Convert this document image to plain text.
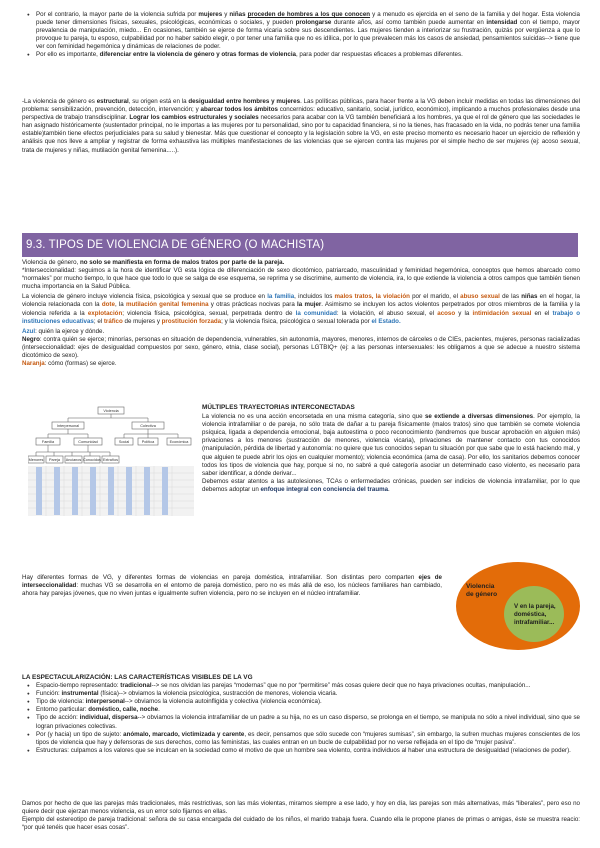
● Por el contrario, la mayor parte de la violencia sufrida por mujeres y niñas proceden de hombres a los que conocen y a menudo es ejercida en el seno de la familia y del hogar. Esta violencia puede tener dimensiones físicas, sexuales, psicológicas, económicas o sociales, y pueden prolongarse durante años, así como también puede aumentar en intensidad con el tiempo, mayor prevalencia de manipulación, miedo... En ocasiones, también se ejerce de forma vicaria sobre sus descendientes. Las mujeres tienden a interiorizar su frustración, quizás por vergüenza a que lo provoque tu pareja, tu esposo, culpabilidad por no haber sabido elegir, o por tener una familia que no es idílica, por lo que prevalecen más los casos de ansiedad, pensamientos suicidas--> tiene que ver con feminidad hegemónica y dinámicas de relaciones de poder.
● Por ello es importante, diferenciar entre la violencia de género y otras formas de violencia, para poder dar respuestas eficaces a problemas diferentes.

-La violencia de género es estructural, su origen está en la desigualdad entre hombres y mujeres. Las políticas públicas, para hacer frente a la VG deben incluir medidas en todas las dimensiones del problema: sensibilización, prevención, detección, intervención; y abarcar todos los ámbitos concernidos: educativo, sanitario, social, jurídico, económico), implicando a muchos profesionales desde una perspectiva de trabajo transdisciplinar. Lograr los cambios estructurales y sociales necesarios para acabar con la VG también beneficiará a los hombres, ya que el rol de género que las sociedades le han asignado históricamente (sustentador principal, no le importas a las mujeres por tu personalidad, sino por tu capacidad financiera, si no la tienes, has fracasado en la vida, no podrás tener una familia estable)también tiene efectos perjudiciales para su salud y bienestar. Más que cuestionar el concepto y la legislación sobre la VG, en este preciso momento es necesario hacer un ejercicio de reflexión y análisis que nos lleve a ampliar y registrar de forma exhaustiva las múltiples manifestaciones de las violencias que se ejercen contra las mujeres por el simple hecho de ser mujeres (ej: acoso sexual, trata de mujeres y niñas, mutilación genital femenina.....).

9.3. TIPOS DE VIOLENCIA DE GÉNERO (O MACHISTA)

Violencia de género, no solo se manifiesta en forma de malos tratos por parte de la pareja.

*Interseccionalidad: seguimos a la hora de identificar VG esta lógica de diferenciación de sexo dicotómico, patriarcado, masculinidad y feminidad hegemónica, conceptos que hemos abarcado como “normales” por mucho tiempo, lo que hace que todo lo que se salga de ese esquema, se reprima y se discrimine, aumento de violencia, ira, lo que extiende la violencia a otros campos que también tienen mucha importancia en la Salud Pública.

La violencia de género incluye violencia física, psicológica y sexual que se produce en la familia, incluidos los malos tratos, la violación por el marido, el abuso sexual de las niñas en el hogar, la violencia relacionada con la dote, la mutilación genital femenina y otras prácticas nocivas para la mujer. Asimismo se incluyen los actos violentos perpetrados por otros miembros de la familia y la violencia referida a la explotación; violencia física, psicológica, sexual, perpetrada dentro de la comunidad: la violación, el abuso sexual, el acoso y la intimidación sexual en el trabajo o instituciones educativas; el tráfico de mujeres y prostitución forzada; y la violencia física, psicológica o sexual tolerada por el Estado.

Azul: quién la ejerce y dónde.

Negro: contra quién se ejerce; minorías, personas en situación de dependencia, vulnerables, sin autonomía, mayores, menores, internos de cárceles o de CIEs, pacientes, mujeres, personas racializadas (interseccionalidad: ejes de desigualdad compuestos por sexo, género, etnia, clase social), personas LGTBIQ+ (ej: a las personas intersexuales: les obligamos a que se adecue a nuestro sistema dicotómico de sexo).

Naranja: cómo (formas) se ejerce.

Violencia
Interpersonal	Colectiva
Familia	Comunidad	Social	Política	Económica
Menores Pareja Ancianos Conocidos Extraños

MÚLTIPLES TRAYECTORIAS INTERCONECTADAS

La violencia no es una acción encorsetada en una misma categoría, sino que se extiende a diversas dimensiones. Por ejemplo, la violencia intrafamiliar o de pareja, no sólo trata de dañar a tu pareja físicamente (malos tratos) sino que también se comete violencia psíquica, ligada a dependencia emocional, baja autoestima o poco reconocimiento (tendremos que buscar aprobación en alguien más) privaciones a los menores (sustracción de menores, violencia vicaria), privaciones de mantener contacto con tus conocidos (manipulación, pérdida de libertad y autonomía: no quiere que tus conocidos sepan tu situación por que sabe que lo está haciendo mal, y que alguien te puede abrir los ojos en cualquier momento); violencia económica (ama de casa). Por ello, los sanitarios debemos conocer todos los tipos de violencia que hay, porque si no, no sabré a qué categoría asociar un determinado caso violento, es necesario para saber identificar, a dónde derivar...

Debemos estar atentos a las autolesiones, TCAs o enfermedades crónicas, pueden ser indicios de violencia intrafamiliar, por lo que debemos adoptar un enfoque integral con conciencia del trauma.

Hay diferentes formas de VG, y diferentes formas de violencias en pareja doméstica, intrafamiliar. Son distintas pero comparten ejes de interseccionalidad: muchas VG se desarrolla en el entorno de pareja doméstico, pero no es más allá de eso, los núcleos familiares han cambiado, ahora hay parejas jóvenes, que no viven juntas e igualmente sufren violencia, pero no se incluyen en el núcleo intrafamiliar.

Violencia de género
V en la pareja, doméstica, intrafamiliar...

LA ESPECTACULARIZACIÓN: LAS CARACTERÍSTICAS VISIBLES DE LA VG

● Espacio-tiempo representado: tradicional--> se nos olvidan las parejas “modernas” que no por “permitirse” más cosas quiere decir que no haya privaciones ocultas, manipulación...
● Función: instrumental (física)--> obviamos la violencia psicológica, sustracción de menores, violencia vicaria.
● Tipo de violencia: interpersonal--> obviamos la violencia autoinfligida y colectiva (violencia económica).
● Entorno particular: doméstico, calle, noche.
● Tipo de acción: individual, dispersa--> obviamos la violencia intrafamiliar de un padre a su hija, no es un caso disperso, se prolonga en el tiempo, se manipula no sólo a nivel individual, sino que se logran privaciones colectivas.
● Por (y hacia) un tipo de sujeto: anómalo, marcado, victimizada y carente, es decir, pensamos que sólo sucede con “mujeres sumisas”, sin embargo, la sufren muchas mujeres conscientes de los tipos de violencia que hay y defensoras de sus derechos, como las feministas, las cuales entran en un bucle de culpabilidad por no verse reflejada en el tipo de “mujer pasiva”.
● Estructuras: culpamos a los valores que se inculcan en la sociedad como el motivo de que un hombre sea violento, contra individuos al haber una estructura de desigualdad (relaciones de poder).

Damos por hecho de que las parejas más tradicionales, más restrictivas, son las más violentas, miramos siempre a ese lado, y hoy en día, las parejas son más alternativas, más “liberales”, pero eso no quiere decir que ejerzan menos violencia, es un error solo fijarnos en ellas.

Ejemplo del estereotipo de pareja tradicional: señora de su casa encargada del cuidado de los niños, el marido trabaja fuera. Cuando ella le propone planes de primas o amigas, éste se muestra reacio: “por qué tenéis que hacer esas cosas”.
